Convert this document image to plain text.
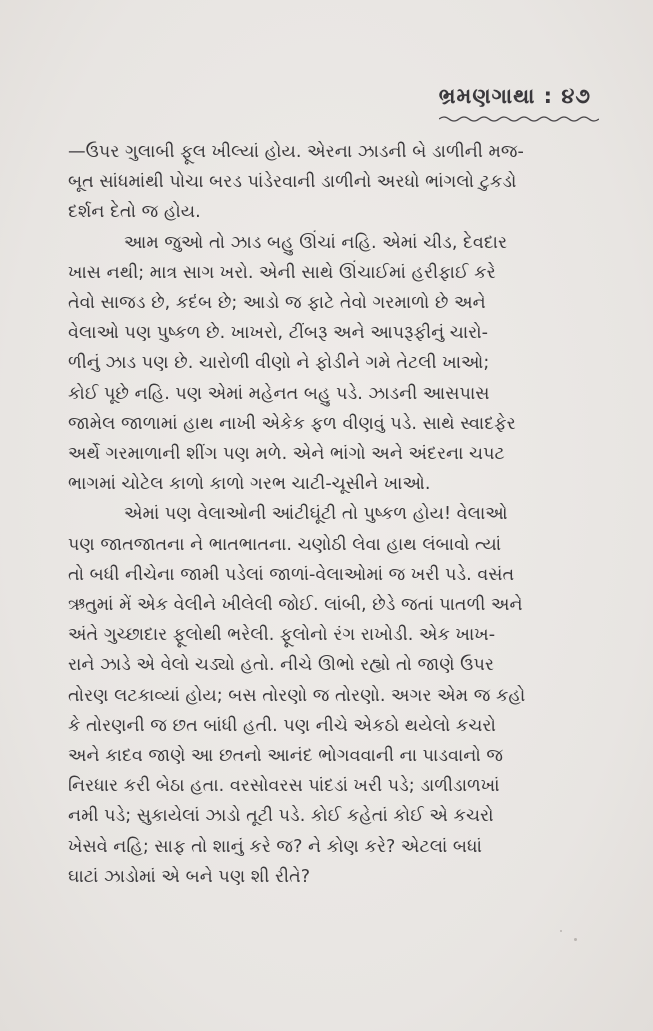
ભ્રમણગાથા : ૪૭

—ઉપર ગુલાબી ફૂલ ખીલ્યાં હોય. એરના ઝાડની બે ડાળીની મજ-
બૂત સાંધમાંથી પોચા બરડ પાંડેરવાની ડાળીનો અરધો ભાંગલો ટુકડો
દર્શન દેતો જ હોય.

આમ જુઓ તો ઝાડ બહુ ઊંચાં નહિ. એમાં ચીડ, દેવદાર
ખાસ નથી; માત્ર સાગ ખરો. એની સાથે ઊંચાઈમાં હરીફાઈ કરે
તેવો સાજડ છે, કદંબ છે; આડો જ ફાટે તેવો ગરમાળો છે અને
વેલાઓ પણ પુષ્કળ છે. ખાખરો, ટીંબરૂ અને આપરૂફીનું ચારો-
ળીનું ઝાડ પણ છે. ચારોળી વીણો ને ફોડીને ગમે તેટલી ખાઓ;
કોઈ પૂછે નહિ. પણ એમાં મહેનત બહુ પડે. ઝાડની આસપાસ
જામેલ જાળામાં હાથ નાખી એકેક ફળ વીણવું પડે. સાથે સ્વાદફેર
અર્થે ગરમાળાની શીંગ પણ મળે. એને ભાંગો અને અંદરના ચપટ
ભાગમાં ચોટેલ કાળો કાળો ગરભ ચાટી-ચૂસીને ખાઓ.

એમાં પણ વેલાઓની આંટીઘૂંટી તો પુષ્કળ હોય! વેલાઓ
પણ જાતજાતના ને ભાતભાતના. ચણોઠી લેવા હાથ લંબાવો ત્યાં
તો બધી નીચેના જામી પડેલાં જાળાં-વેલાઓમાં જ ખરી પડે. વસંત
ઋતુમાં મેં એક વેલીને ખીલેલી જોઈ. લાંબી, છેડે જતાં પાતળી અને
અંતે ગુચ્છાદાર ફૂલોથી ભરેલી. ફૂલોનો રંગ રાખોડી. એક ખાખ-
રાને ઝાડે એ વેલો ચડ્યો હતો. નીચે ઊભો રહ્યો તો જાણે ઉપર
તોરણ લટકાવ્યાં હોય; બસ તોરણો જ તોરણો. અગર એમ જ કહો
કે તોરણની જ છત બાંધી હતી. પણ નીચે એકઠો થયેલો કચરો
અને કાદવ જાણે આ છતનો આનંદ ભોગવવાની ના પાડવાનો જ
નિરધાર કરી બેઠા હતા. વરસોવરસ પાંદડાં ખરી પડે; ડાળીડાળખાં
નમી પડે; સુકાયેલાં ઝાડો તૂટી પડે. કોઈ કહેતાં કોઈ એ કચરો
ખેસવે નહિ; સાફ તો શાનું કરે જ? ને કોણ કરે? એટલાં બધાં
ઘાટાં ઝાડોમાં એ બને પણ શી રીતે?
